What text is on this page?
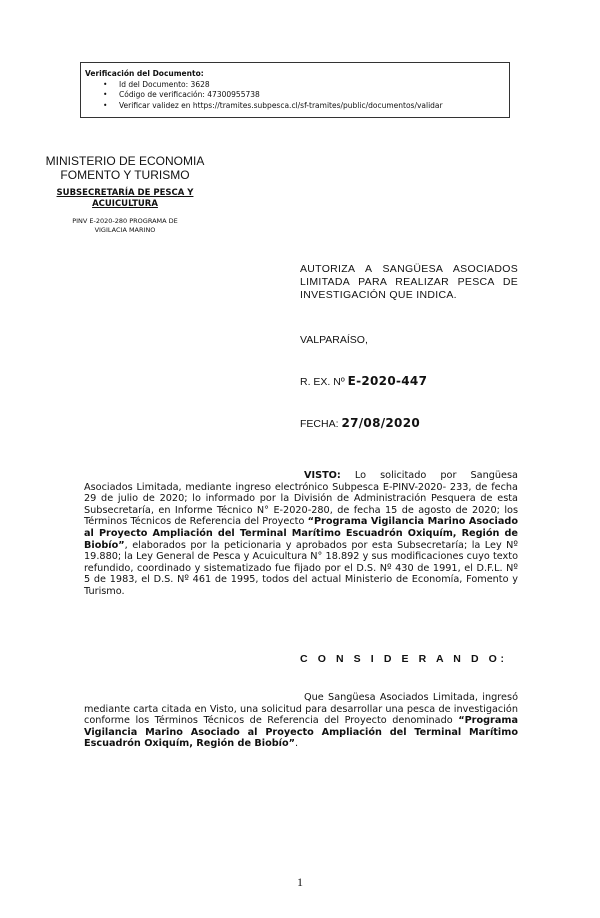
Verificación del Documento:
• Id del Documento: 3628
• Código de verificación: 47300955738
• Verificar validez en https://tramites.subpesca.cl/sf-tramites/public/documentos/validar
MINISTERIO DE ECONOMIA
FOMENTO Y TURISMO
SUBSECRETARÍA DE PESCA Y
ACUICULTURA
PINV E-2020-280 PROGRAMA DE
VIGILACIA MARINO
AUTORIZA A SANGÜESA ASOCIADOS LIMITADA PARA REALIZAR PESCA DE INVESTIGACIÓN QUE INDICA.
VALPARAÍSO,
R. EX. Nº E-2020-447
FECHA: 27/08/2020
VISTO: Lo solicitado por Sangüesa Asociados Limitada, mediante ingreso electrónico Subpesca E-PINV-2020- 233, de fecha 29 de julio de 2020; lo informado por la División de Administración Pesquera de esta Subsecretaría, en Informe Técnico N° E-2020-280, de fecha 15 de agosto de 2020; los Términos Técnicos de Referencia del Proyecto “Programa Vigilancia Marino Asociado al Proyecto Ampliación del Terminal Marítimo Escuadrón Oxiquím, Región de Biobío”, elaborados por la peticionaria y aprobados por esta Subsecretaría; la Ley Nº 19.880; la Ley General de Pesca y Acuicultura N° 18.892 y sus modificaciones cuyo texto refundido, coordinado y sistematizado fue fijado por el D.S. Nº 430 de 1991, el D.F.L. Nº 5 de 1983, el D.S. Nº 461 de 1995, todos del actual Ministerio de Economía, Fomento y Turismo.
C O N S I D E R A N D O:
Que Sangüesa Asociados Limitada, ingresó mediante carta citada en Visto, una solicitud para desarrollar una pesca de investigación conforme los Términos Técnicos de Referencia del Proyecto denominado “Programa Vigilancia Marino Asociado al Proyecto Ampliación del Terminal Marítimo Escuadrón Oxiquím, Región de Biobío”.
1
